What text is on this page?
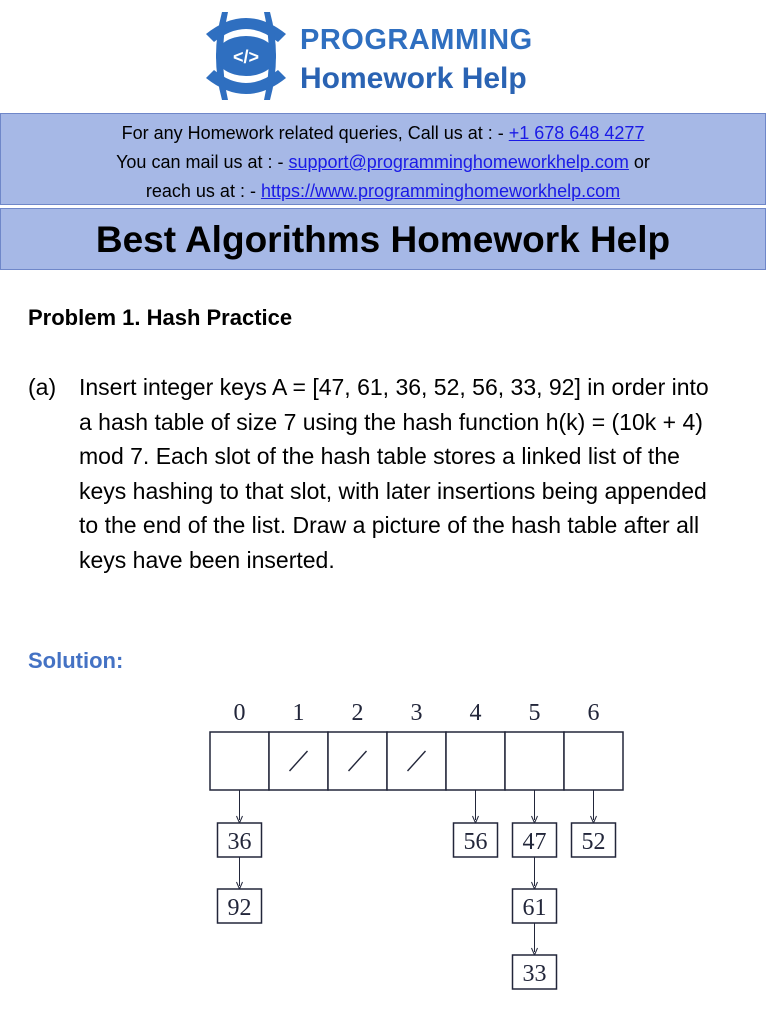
</>
PROGRAMMING
Homework Help
For any Homework related queries, Call us at : - +1 678 648 4277
You can mail us at : - support@programminghomeworkhelp.com or
reach us at : - https://www.programminghomeworkhelp.com
Best Algorithms Homework Help
Problem 1. Hash Practice
(a) Insert integer keys A = [47, 61, 36, 52, 56, 33, 92] in order into a hash table of size 7 using the hash function h(k) = (10k + 4) mod 7. Each slot of the hash table stores a linked list of the keys hashing to that slot, with later insertions being appended to the end of the list. Draw a picture of the hash table after all keys have been inserted.
Solution:
0 1 2 3 4 5 6
36
92
56 47
61
33
52
